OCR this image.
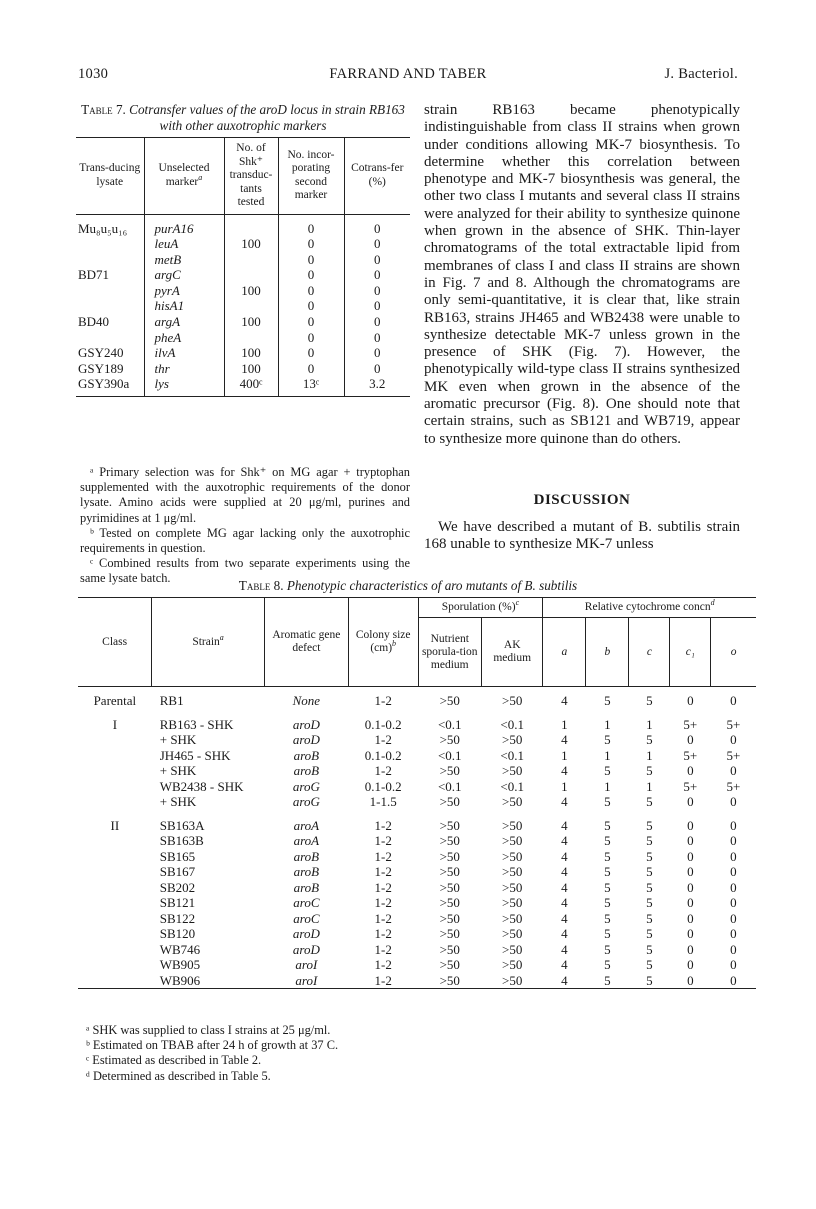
1030	FARRAND AND TABER	J. Bacteriol.
Table 7. Cotransfer values of the aroD locus in strain RB163 with other auxotrophic markers
Trans-ducing lysate	Unselected marker$^a$	No. of Shk⁺ transduc-tants tested	No. incor-porating second marker	Cotrans-fer (%)
Mu₈u₅u₁₆	purA16		0	0
	leuA	100	0	0
	metB		0	0
BD71	argC		0	0
	pyrA	100	0	0
	hisA1		0	0
BD40	argA	100	0	0
	pheA		0	0
GSY240	ilvA	100	0	0
GSY189	thr	100	0	0
GSY390a	lys	400ᶜ	13ᶜ	3.2

ᵃ Primary selection was for Shk⁺ on MG agar + tryptophan supplemented with the auxotrophic requirements of the donor lysate. Amino acids were supplied at 20 μg/ml, purines and pyrimidines at 1 μg/ml.

ᵇ Tested on complete MG agar lacking only the auxotrophic requirements in question.

ᶜ Combined results from two separate experiments using the same lysate batch.

strain RB163 became phenotypically indistinguishable from class II strains when grown under conditions allowing MK-7 biosynthesis. To determine whether this correlation between phenotype and MK-7 biosynthesis was general, the other two class I mutants and several class II strains were analyzed for their ability to synthesize quinone when grown in the absence of SHK. Thin-layer chromatograms of the total extractable lipid from membranes of class I and class II strains are shown in Fig. 7 and 8. Although the chromatograms are only semi-quantitative, it is clear that, like strain RB163, strains JH465 and WB2438 were unable to synthesize detectable MK-7 unless grown in the presence of SHK (Fig. 7). However, the phenotypically wild-type class II strains synthesized MK even when grown in the absence of the aromatic precursor (Fig. 8). One should note that certain strains, such as SB121 and WB719, appear to synthesize more quinone than do others.

DISCUSSION
We have described a mutant of B. subtilis strain 168 unable to synthesize MK-7 unless
Table 8. Phenotypic characteristics of aro mutants of B. subtilis
Class	Strain$^a$	Aromatic gene defect	Colony size (cm)$^b$	Sporulation (%)$^c$		Relative cytochrome concn$^d$
				Nutrient sporula-tion medium	AK medium	a	b	c	c₁	o
Parental	RB1	None	1-2	>50	>50	4	5	5	0	0

I	RB163 - SHK	aroD	0.1-0.2	<0.1	<0.1	1	1	1	5+	5+
	+ SHK	aroD	1-2	>50	>50	4	5	5	0	0
	JH465 - SHK	aroB	0.1-0.2	<0.1	<0.1	1	1	1	5+	5+
	+ SHK	aroB	1-2	>50	>50	4	5	5	0	0
	WB2438 - SHK	aroG	0.1-0.2	<0.1	<0.1	1	1	1	5+	5+
	+ SHK	aroG	1-1.5	>50	>50	4	5	5	0	0

II	SB163A	aroA	1-2	>50	>50	4	5	5	0	0
	SB163B	aroA	1-2	>50	>50	4	5	5	0	0
	SB165	aroB	1-2	>50	>50	4	5	5	0	0
	SB167	aroB	1-2	>50	>50	4	5	5	0	0
	SB202	aroB	1-2	>50	>50	4	5	5	0	0
	SB121	aroC	1-2	>50	>50	4	5	5	0	0
	SB122	aroC	1-2	>50	>50	4	5	5	0	0
	SB120	aroD	1-2	>50	>50	4	5	5	0	0
	WB746	aroD	1-2	>50	>50	4	5	5	0	0
	WB905	aroI	1-2	>50	>50	4	5	5	0	0
	WB906	aroI	1-2	>50	>50	4	5	5	0	0

ᵃ SHK was supplied to class I strains at 25 μg/ml.

ᵇ Estimated on TBAB after 24 h of growth at 37 C.

ᶜ Estimated as described in Table 2.

ᵈ Determined as described in Table 5.
